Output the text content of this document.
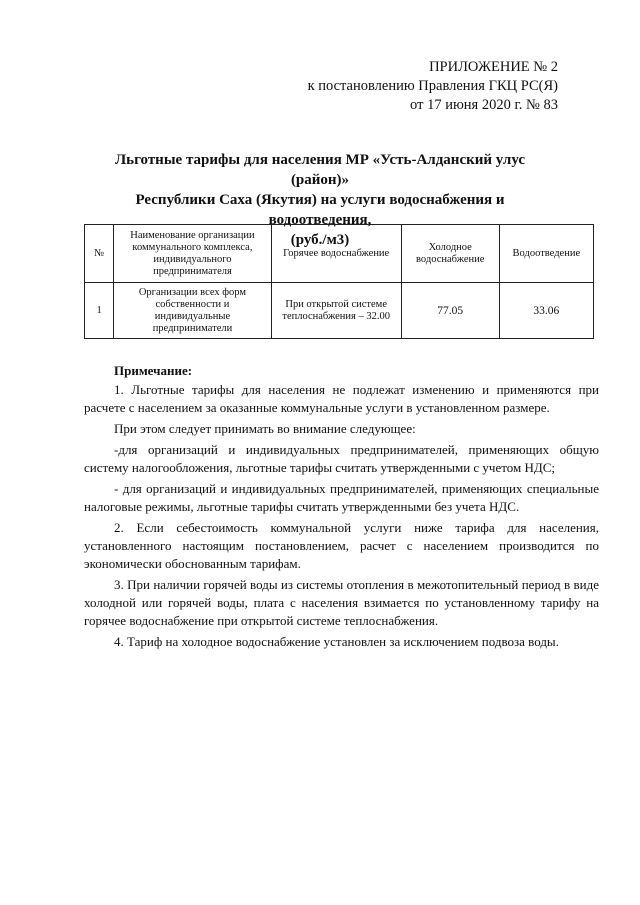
ПРИЛОЖЕНИЕ № 2
к постановлению Правления ГКЦ РС(Я)
от 17 июня 2020 г. № 83
Льготные тарифы для населения МР «Усть-Алданский улус (район)»
Республики Саха (Якутия) на услуги водоснабжения и водоотведения,
(руб./м3)
№	Наименование организации коммунального комплекса, индивидуального предпринимателя	Горячее водоснабжение	Холодное водоснабжение	Водоотведение
1	Организации всех форм собственности и индивидуальные предприниматели	При открытой системе теплоснабжения – 32.00	77.05	33.06
Примечание:

1. Льготные тарифы для населения не подлежат изменению и применяются при расчете с населением за оказанные коммунальные услуги в установленном размере.

При этом следует принимать во внимание следующее:

-для организаций и индивидуальных предпринимателей, применяющих общую систему налогообложения, льготные тарифы считать утвержденными с учетом НДС;

- для организаций и индивидуальных предпринимателей, применяющих специальные налоговые режимы, льготные тарифы считать утвержденными без учета НДС.

2. Если себестоимость коммунальной услуги ниже тарифа для населения, установленного настоящим постановлением, расчет с населением производится по экономически обоснованным тарифам.

3. При наличии горячей воды из системы отопления в межотопительный период в виде холодной или горячей воды, плата с населения взимается по установленному тарифу на горячее водоснабжение при открытой системе теплоснабжения.

4. Тариф на холодное водоснабжение установлен за исключением подвоза воды.
